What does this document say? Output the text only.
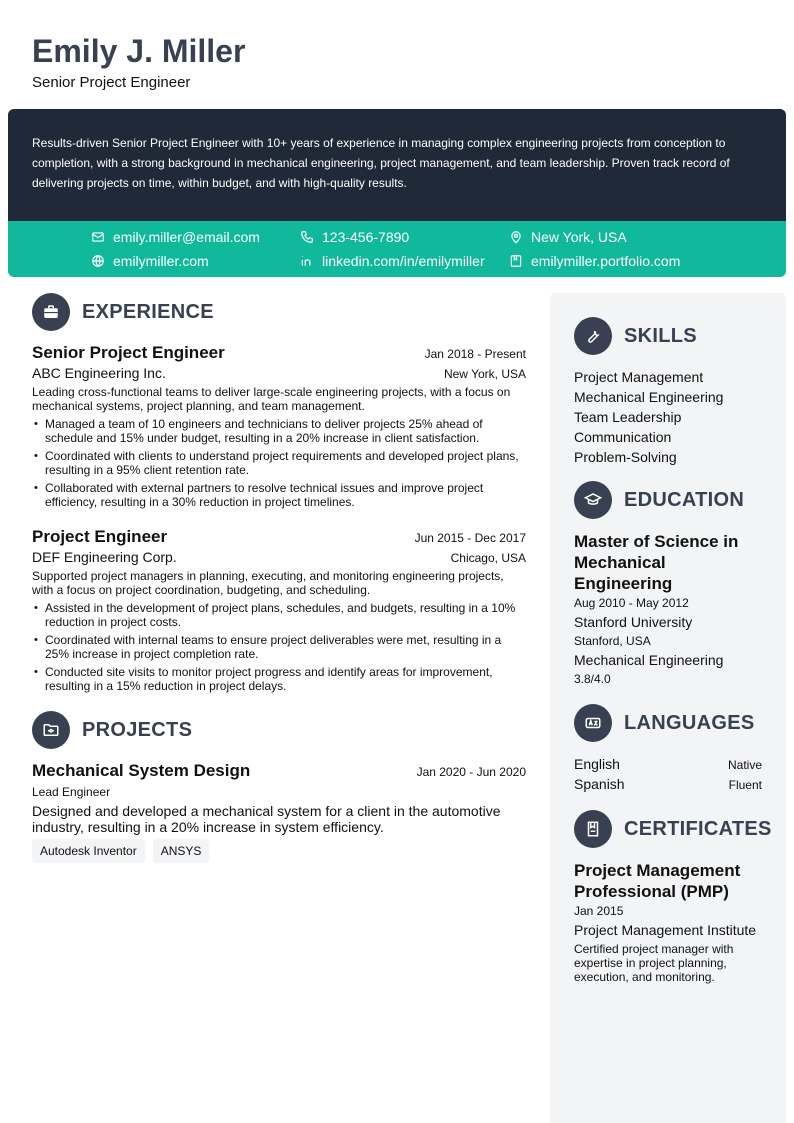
Emily J. Miller
Senior Project Engineer

Results-driven Senior Project Engineer with 10+ years of experience in managing complex engineering projects from conception to completion, with a strong background in mechanical engineering, project management, and team leadership. Proven track record of delivering projects on time, within budget, and with high-quality results.

emily.miller@email.com	123-456-7890	New York, USA
emilymiller.com	linkedin.com/in/emilymiller	emilymiller.portfolio.com
EXPERIENCE
Senior Project Engineer	Jan 2018 - Present
ABC Engineering Inc.	New York, USA
Leading cross-functional teams to deliver large-scale engineering projects, with a focus on mechanical systems, project planning, and team management.
• Managed a team of 10 engineers and technicians to deliver projects 25% ahead of schedule and 15% under budget, resulting in a 20% increase in client satisfaction.
• Coordinated with clients to understand project requirements and developed project plans, resulting in a 95% client retention rate.
• Collaborated with external partners to resolve technical issues and improve project efficiency, resulting in a 30% reduction in project timelines.
Project Engineer	Jun 2015 - Dec 2017
DEF Engineering Corp.	Chicago, USA
Supported project managers in planning, executing, and monitoring engineering projects, with a focus on project coordination, budgeting, and scheduling.
• Assisted in the development of project plans, schedules, and budgets, resulting in a 10% reduction in project costs.
• Coordinated with internal teams to ensure project deliverables were met, resulting in a 25% increase in project completion rate.
• Conducted site visits to monitor project progress and identify areas for improvement, resulting in a 15% reduction in project delays.
PROJECTS
Mechanical System Design	Jan 2020 - Jun 2020
Lead Engineer
Designed and developed a mechanical system for a client in the automotive industry, resulting in a 20% increase in system efficiency.
Autodesk Inventor	ANSYS
SKILLS
Project Management
Mechanical Engineering
Team Leadership
Communication
Problem-Solving
EDUCATION
Master of Science in Mechanical Engineering
Aug 2010 - May 2012
Stanford University
Stanford, USA
Mechanical Engineering
3.8/4.0
LANGUAGES
English	Native
Spanish	Fluent
CERTIFICATES
Project Management Professional (PMP)
Jan 2015
Project Management Institute
Certified project manager with expertise in project planning, execution, and monitoring.
